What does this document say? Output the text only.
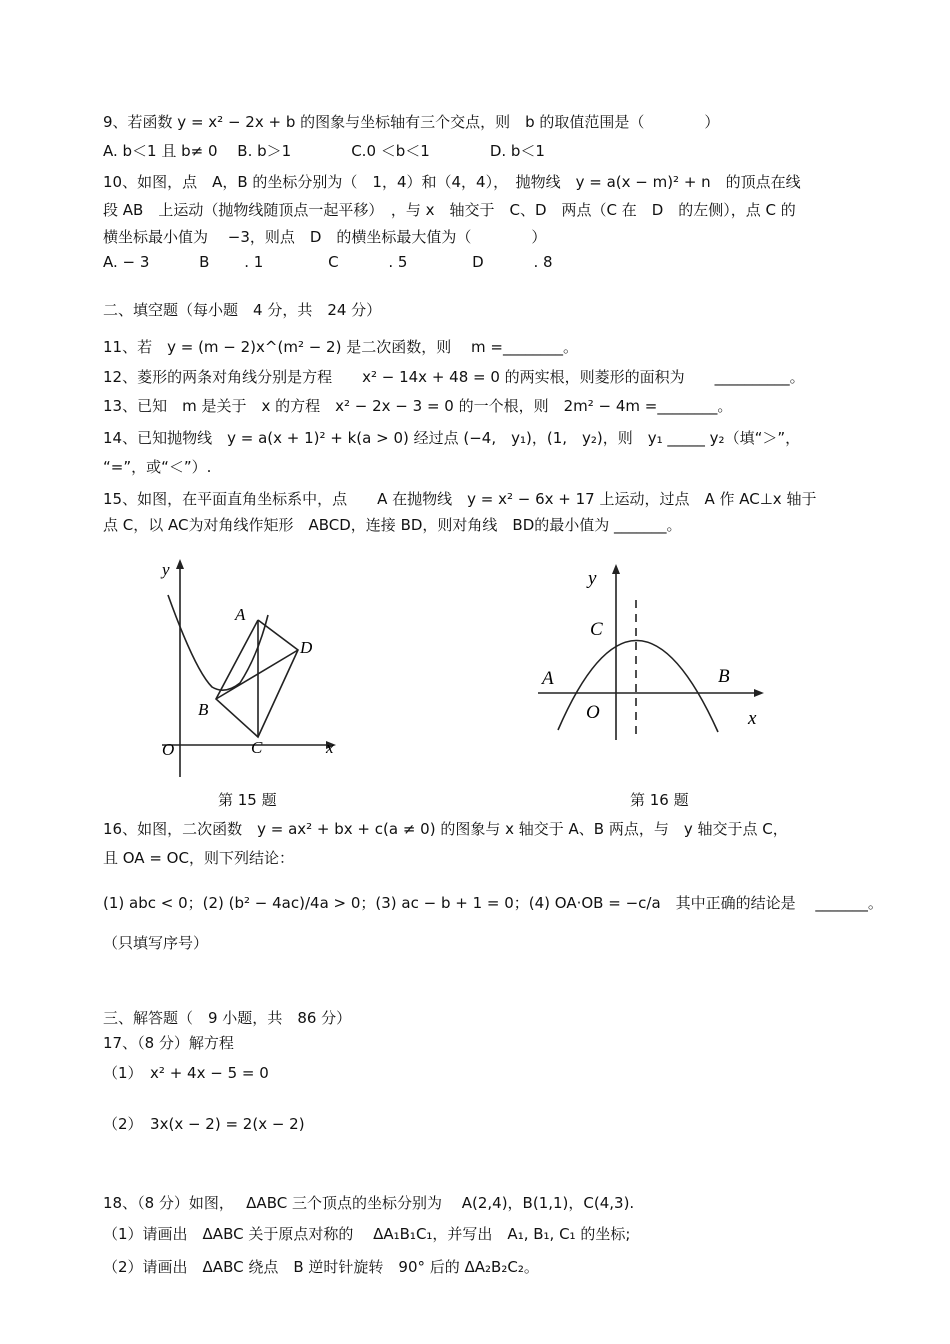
9、若函数 y = x² − 2x + b 的图象与坐标轴有三个交点，则　b 的取值范围是（　　　　）
A. b＜1 且 b≠ 0　 B. b＞1　　　　C.0 ＜b＜1　　　　D. b＜1
10、如图，点　A，B 的坐标分别为（　1，4）和（4，4），　抛物线　y = a(x − m)² + n　的顶点在线
段 AB　上运动（抛物线随顶点一起平移）　，与 x　轴交于　C、D　两点（C 在　D　的左侧），点 C 的
横坐标最小值为　 −3，则点　D　的横坐标最大值为（　　　　）
A. − 3　　　 B　　 . 1　　　　 C　　　 . 5　　　　 D　　　 . 8
二、填空题（每小题　4 分，共　24 分）
11、若　y = (m − 2)x^(m² − 2) 是二次函数，则　 m =________。
12、菱形的两条对角线分别是方程　　x² − 14x + 48 = 0 的两实根，则菱形的面积为　　__________。
13、已知　m 是关于　x 的方程　x² − 2x − 3 = 0 的一个根，则　2m² − 4m =________。
14、已知抛物线　y = a(x + 1)² + k(a > 0) 经过点 (−4,　y₁)，(1,　y₂)，则　y₁ _____ y₂（填“＞”，
“=”，或“＜”）.
15、如图，在平面直角坐标系中，点　　A 在抛物线　y = x² − 6x + 17 上运动，过点　A 作 AC⊥x 轴于
点 C，以 AC为对角线作矩形　ABCD，连接 BD，则对角线　BD的最小值为 _______。
y
x
O
A
B
C
D
第 15 题
y
x
O
A	B
C
第 16 题
16、如图，二次函数　y = ax² + bx + c(a ≠ 0) 的图象与 x 轴交于 A、B 两点，与　y 轴交于点 C，
且 OA = OC，则下列结论：
(1) abc < 0；(2) (b² − 4ac)/4a > 0；(3) ac − b + 1 = 0；(4) OA·OB = −c/a　其中正确的结论是　 _______。
（只填写序号）
三、解答题（　9 小题，共　86 分）
17、（8 分）解方程
（1）　x² + 4x − 5 = 0
（2）　3x(x − 2) = 2(x − 2)
18、（8 分）如图，　 ΔABC 三个顶点的坐标分别为　 A(2,4)，B(1,1)，C(4,3).
（1）请画出　ΔABC 关于原点对称的　 ΔA₁B₁C₁，并写出　A₁, B₁, C₁ 的坐标;
（2）请画出　ΔABC 绕点　B 逆时针旋转　90° 后的 ΔA₂B₂C₂。
